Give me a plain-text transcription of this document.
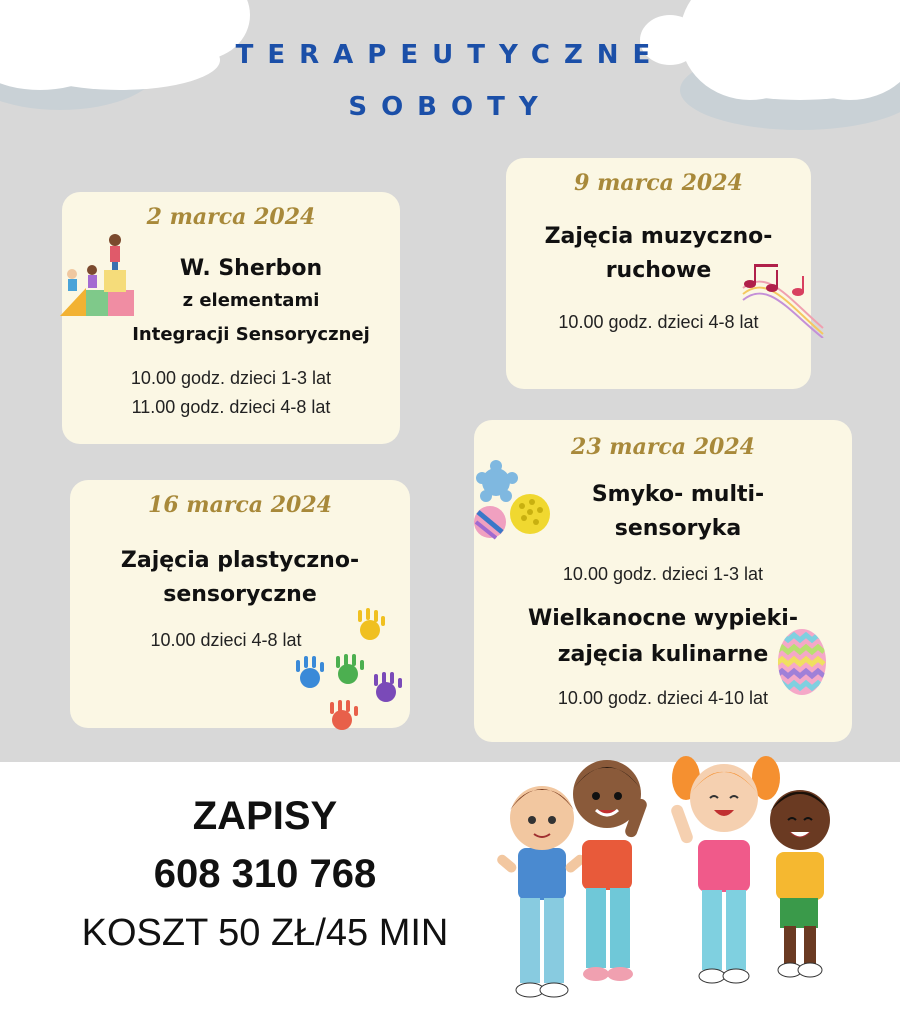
TERAPEUTYCZNE
SOBOTY
2 marca 2024
W. Sherbon
z elementami
Integracji Sensorycznej
10.00 godz. dzieci 1-3 lat
11.00 godz. dzieci 4-8 lat
9 marca 2024
Zajęcia muzyczno-
ruchowe
10.00 godz. dzieci 4-8 lat
16 marca 2024
Zajęcia plastyczno-
sensoryczne
10.00 dzieci 4-8 lat
23 marca 2024
Smyko- multi-
sensoryka
10.00 godz. dzieci 1-3 lat
Wielkanocne wypieki-
zajęcia kulinarne
10.00 godz. dzieci 4-10 lat
ZAPISY
608 310 768
KOSZT 50 ZŁ/45 MIN
